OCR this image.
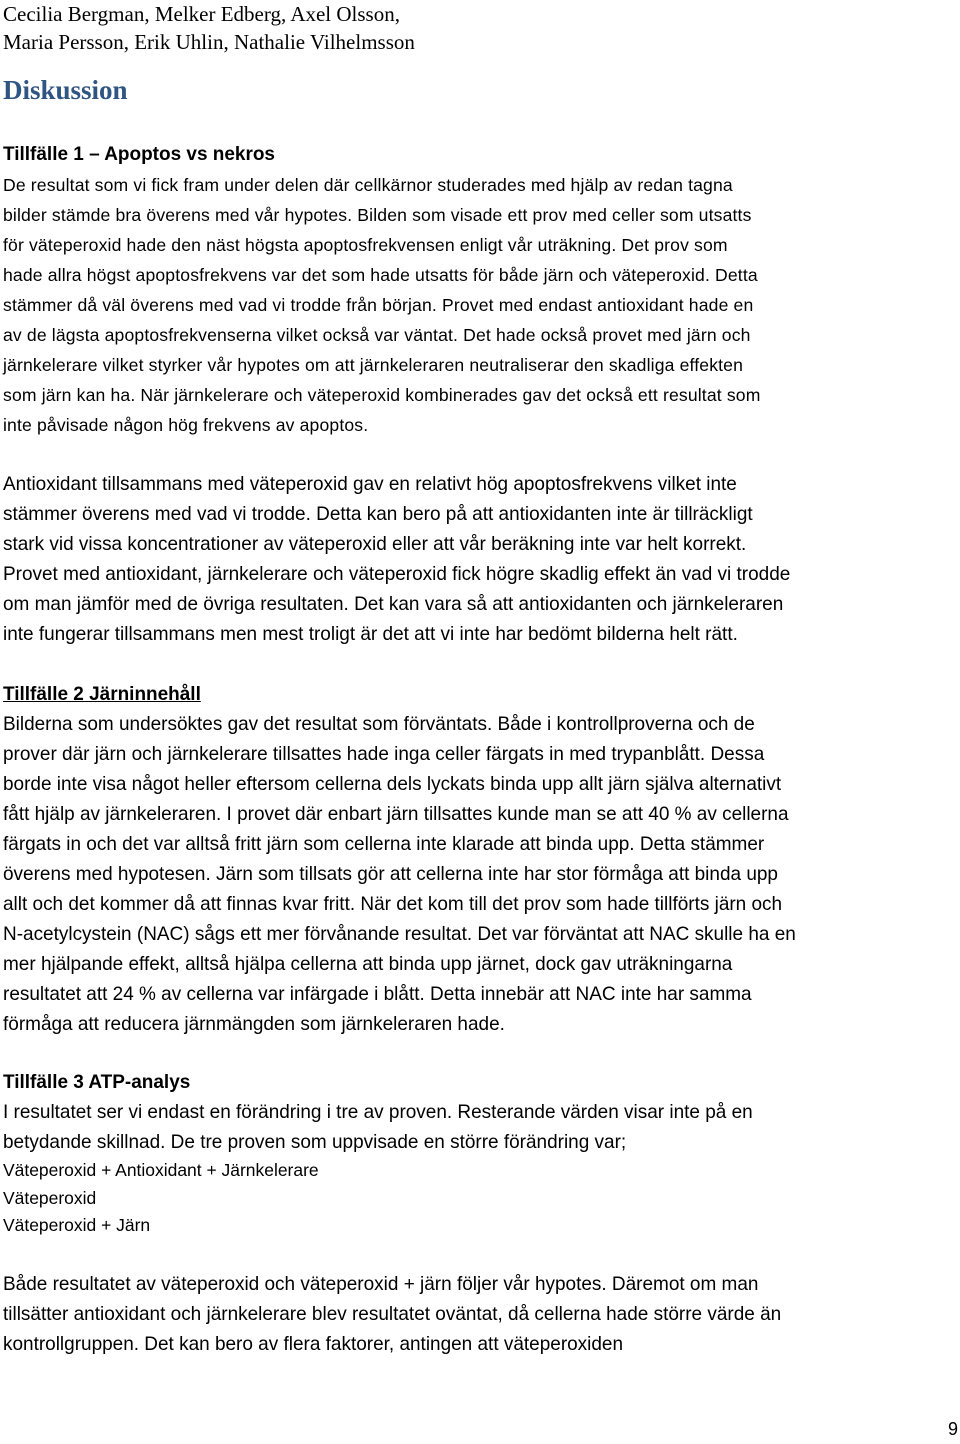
Cecilia Bergman, Melker Edberg, Axel Olsson,
Maria Persson, Erik Uhlin, Nathalie Vilhelmsson
Diskussion
Tillfälle 1 – Apoptos vs nekros
De resultat som vi fick fram under delen där cellkärnor studerades med hjälp av redan tagna
bilder stämde bra överens med vår hypotes. Bilden som visade ett prov med celler som utsatts
för väteperoxid hade den näst högsta apoptosfrekvensen enligt vår uträkning. Det prov som
hade allra högst apoptosfrekvens var det som hade utsatts för både järn och väteperoxid. Detta
stämmer då väl överens med vad vi trodde från början. Provet med endast antioxidant hade en
av de lägsta apoptosfrekvenserna vilket också var väntat. Det hade också provet med järn och
järnkelerare vilket styrker vår hypotes om att järnkeleraren neutraliserar den skadliga effekten
som järn kan ha. När järnkelerare och väteperoxid kombinerades gav det också ett resultat som
inte påvisade någon hög frekvens av apoptos.
Antioxidant tillsammans med väteperoxid gav en relativt hög apoptosfrekvens vilket inte
stämmer överens med vad vi trodde. Detta kan bero på att antioxidanten inte är tillräckligt
stark vid vissa koncentrationer av väteperoxid eller att vår beräkning inte var helt korrekt.
Provet med antioxidant, järnkelerare och väteperoxid fick högre skadlig effekt än vad vi trodde
om man jämför med de övriga resultaten. Det kan vara så att antioxidanten och järnkeleraren
inte fungerar tillsammans men mest troligt är det att vi inte har bedömt bilderna helt rätt.
Tillfälle 2 Järninnehåll
Bilderna som undersöktes gav det resultat som förväntats. Både i kontrollproverna och de
prover där järn och järnkelerare tillsattes hade inga celler färgats in med trypanblått. Dessa
borde inte visa något heller eftersom cellerna dels lyckats binda upp allt järn själva alternativt
fått hjälp av järnkeleraren. I provet där enbart järn tillsattes kunde man se att 40 % av cellerna
färgats in och det var alltså fritt järn som cellerna inte klarade att binda upp. Detta stämmer
överens med hypotesen. Järn som tillsats gör att cellerna inte har stor förmåga att binda upp
allt och det kommer då att finnas kvar fritt. När det kom till det prov som hade tillförts järn och
N-acetylcystein (NAC) sågs ett mer förvånande resultat. Det var förväntat att NAC skulle ha en
mer hjälpande effekt, alltså hjälpa cellerna att binda upp järnet, dock gav uträkningarna
resultatet att 24 % av cellerna var infärgade i blått. Detta innebär att NAC inte har samma
förmåga att reducera järnmängden som järnkeleraren hade.
Tillfälle 3 ATP-analys
I resultatet ser vi endast en förändring i tre av proven. Resterande värden visar inte på en
betydande skillnad. De tre proven som uppvisade en större förändring var;
Väteperoxid + Antioxidant + Järnkelerare
Väteperoxid
Väteperoxid + Järn
Både resultatet av väteperoxid och väteperoxid + järn följer vår hypotes. Däremot om man
tillsätter antioxidant och järnkelerare blev resultatet oväntat, då cellerna hade större värde än
kontrollgruppen. Det kan bero av flera faktorer, antingen att väteperoxiden
9
